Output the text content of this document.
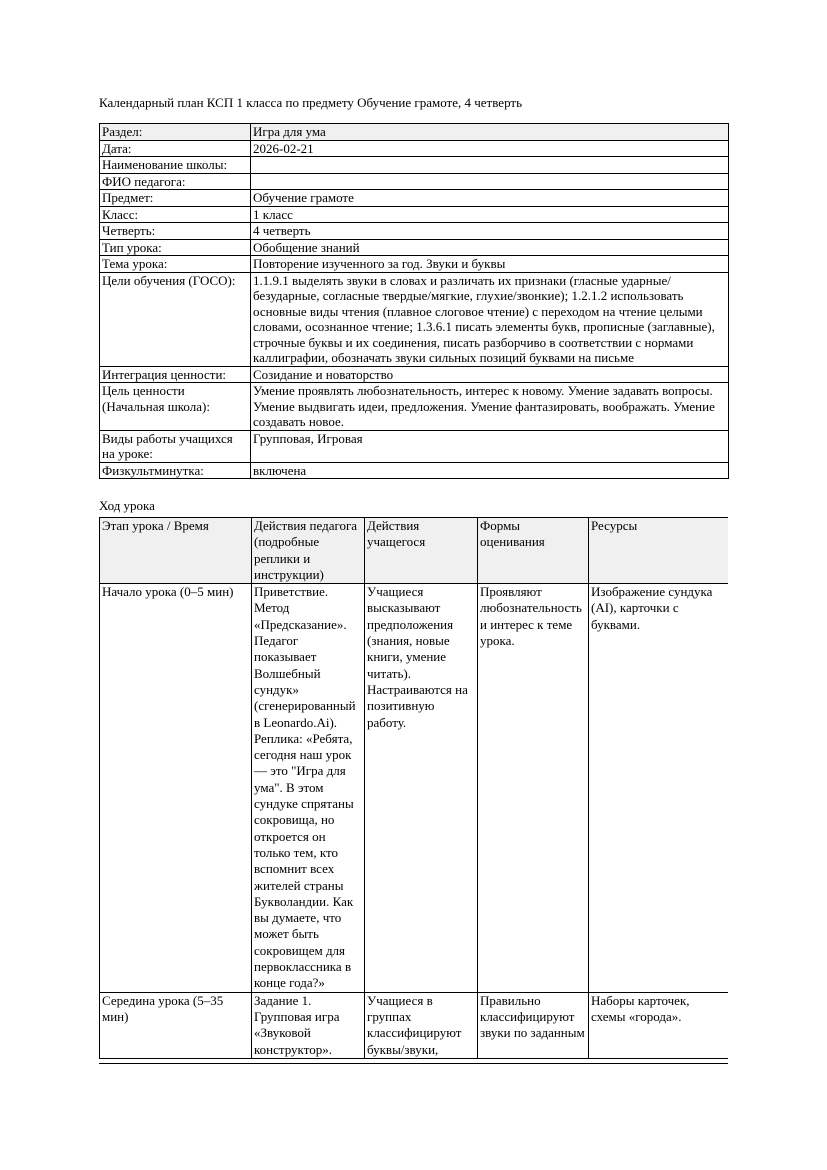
Календарный план КСП 1 класса по предмету Обучение грамоте, 4 четверть
Раздел:	Игра для ума
Дата:	2026-02-21
Наименование школы:	
ФИО педагога:	
Предмет:	Обучение грамоте
Класс:	1 класс
Четверть:	4 четверть
Тип урока:	Обобщение знаний
Тема урока:	Повторение изученного за год. Звуки и буквы
Цели обучения (ГОСО):	1.1.9.1 выделять звуки в словах и различать их признаки (гласные ударные/безударные, согласные твердые/мягкие, глухие/звонкие); 1.2.1.2 использовать основные виды чтения (плавное слоговое чтение) с переходом на чтение целыми словами, осознанное чтение; 1.3.6.1 писать элементы букв, прописные (заглавные), строчные буквы и их соединения, писать разборчиво в соответствии с нормами каллиграфии, обозначать звуки сильных позиций буквами на письме
Интеграция ценности:	Созидание и новаторство
Цель ценности (Начальная школа):	Умение проявлять любознательность, интерес к новому. Умение задавать вопросы. Умение выдвигать идеи, предложения. Умение фантазировать, воображать. Умение создавать новое.
Виды работы учащихся на уроке:	Групповая, Игровая
Физкультминутка:	включена
Ход урока
Этап урока / Время	Действия педагога (подробные реплики и инструкции)	Действия учащегося	Формы оценивания	Ресурсы
Начало урока (0–5 мин)	Приветствие. Метод «Предсказание». Педагог показывает Волшебный сундук» (сгенерированный в Leonardo.Ai). Реплика: «Ребята, сегодня наш урок — это "Игра для ума". В этом сундуке спрятаны сокровища, но откроется он только тем, кто вспомнит всех жителей страны Букволандии. Как вы думаете, что может быть сокровищем для первоклассника в конце года?»	Учащиеся высказывают предположения (знания, новые книги, умение читать). Настраиваются на позитивную работу.	Проявляют любознательность и интерес к теме урока.	Изображение сундука (AI), карточки с буквами.
Середина урока (5–35 мин)	Задание 1. Групповая игра «Звуковой конструктор».	Учащиеся в группах классифицируют буквы/звуки,	Правильно классифицируют звуки по заданным	Наборы карточек, схемы «города».
